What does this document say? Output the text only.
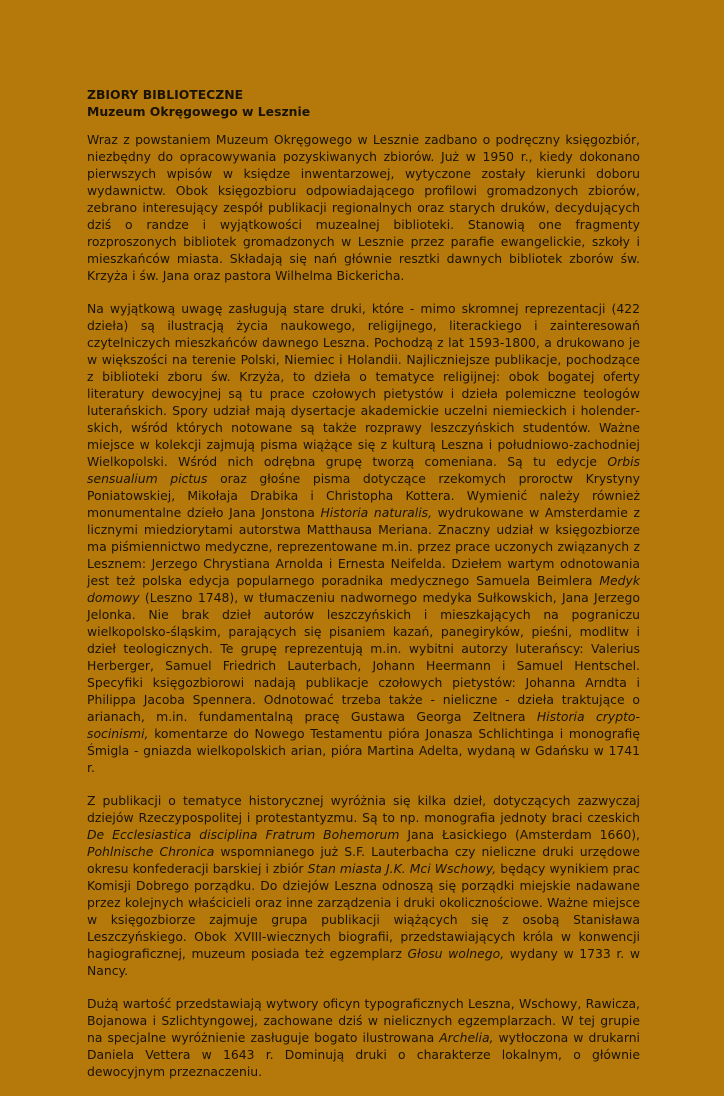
ZBIORY BIBLIOTECZNE
Muzeum Okręgowego w Lesznie

Wraz z powstaniem Muzeum Okręgowego w Lesznie zadbano o podręczny księgozbiór, niezbędny do opracowywania pozyskiwanych zbiorów. Już w 1950 r., kiedy dokonano pierwszych wpisów w księdze inwentarzowej, wytyczone zostały kierunki doboru wydawnictw. Obok księgozbioru odpowiadającego profilowi gromadzonych zbiorów, zebrano interesujący zespół publikacji regionalnych oraz starych druków, decydujących dziś o randze i wyjątkowości muzealnej biblioteki. Stanowią one fragmenty rozproszonych bibliotek gromadzonych w Lesznie przez parafie ewangelickie, szkoły i mieszkańców miasta. Składają się nań głównie resztki dawnych bibliotek zborów św. Krzyża i św. Jana oraz pastora Wilhelma Bickericha.

Na wyjątkową uwagę zasługują stare druki, które - mimo skromnej reprezentacji (422 dzieła) są ilustracją życia naukowego, religijnego, literackiego i zainteresowań czytelniczych mieszkańców dawnego Leszna. Pochodzą z lat 1593-1800, a drukowano je w większości na terenie Polski, Niemiec i Holandii. Najliczniejsze publikacje, pochodzące z biblioteki zboru św. Krzyża, to dzieła o tematyce religijnej: obok bogatej oferty literatury dewocyjnej są tu prace czołowych pietystów i dzieła polemiczne teologów luterańskich. Spory udział mają dysertacje akademickie uczelni niemieckich i holenderskich, wśród których notowane są także rozprawy leszczyńskich studentów. Ważne miejsce w kolekcji zajmują pisma wiążące się z kulturą Leszna i południowo-zachodniej Wielkopolski. Wśród nich odrębna grupę tworzą comeniana. Są tu edycje Orbis sensualium pictus oraz głośne pisma dotyczące rzekomych proroctw Krystyny Poniatowskiej, Mikołaja Drabika i Christopha Kottera. Wymienić należy również monumentalne dzieło Jana Jonstona Historia naturalis, wydrukowane w Amsterdamie z licznymi miedziorytami autorstwa Matthausa Meriana. Znaczny udział w księgozbiorze ma piśmiennictwo medyczne, reprezentowane m.in. przez prace uczonych związanych z Lesznem: Jerzego Chrystiana Arnolda i Ernesta Neifelda. Dziełem wartym odnotowania jest też polska edycja popularnego poradnika medycznego Samuela Beimlera Medyk domowy (Leszno 1748), w tłumaczeniu nadwornego medyka Sułkowskich, Jana Jerzego Jelonka. Nie brak dzieł autorów leszczyńskich i mieszkających na pograniczu wielkopolsko-śląskim, parających się pisaniem kazań, panegiryków, pieśni, modlitw i dzieł teologicznych. Te grupę reprezentują m.in. wybitni autorzy luterańscy: Valerius Herberger, Samuel Friedrich Lauterbach, Johann Heermann i Samuel Hentschel. Specyfiki księgozbiorowi nadają publikacje czołowych pietystów: Johanna Arndta i Philippa Jacoba Spennera. Odnotować trzeba także - nieliczne - dzieła traktujące o arianach, m.in. fundamentalną pracę Gustawa Georga Zeltnera Historia crypto-socinismi, komentarze do Nowego Testamentu pióra Jonasza Schlichtinga i monografię Śmigla - gniazda wielkopolskich arian, pióra Martina Adelta, wydaną w Gdańsku w 1741 r.

Z publikacji o tematyce historycznej wyróżnia się kilka dzieł, dotyczących zazwyczaj dziejów Rzeczypospolitej i protestantyzmu. Są to np. monografia jednoty braci czeskich De Ecclesiastica disciplina Fratrum Bohemorum Jana Łasickiego (Amsterdam 1660), Pohlnische Chronica wspomnianego już S.F. Lauterbacha czy nieliczne druki urzędowe okresu konfederacji barskiej i zbiór Stan miasta J.K. Mci Wschowy, będący wynikiem prac Komisji Dobrego porządku. Do dziejów Leszna odnoszą się porządki miejskie nadawane przez kolejnych właścicieli oraz inne zarządzenia i druki okolicznościowe. Ważne miejsce w księgozbiorze zajmuje grupa publikacji wiążących się z osobą Stanisława Leszczyńskiego. Obok XVIII-wiecznych biografii, przedstawiających króla w konwencji hagiograficznej, muzeum posiada też egzemplarz Głosu wolnego, wydany w 1733 r. w Nancy.

Dużą wartość przedstawiają wytwory oficyn typograficznych Leszna, Wschowy, Rawicza, Bojanowa i Szlichtyngowej, zachowane dziś w nielicznych egzemplarzach. W tej grupie na specjalne wyróżnienie zasługuje bogato ilustrowana Archelia, wytłoczona w drukarni Daniela Vettera w 1643 r. Dominują druki o charakterze lokalnym, o głównie dewocyjnym przeznaczeniu.
